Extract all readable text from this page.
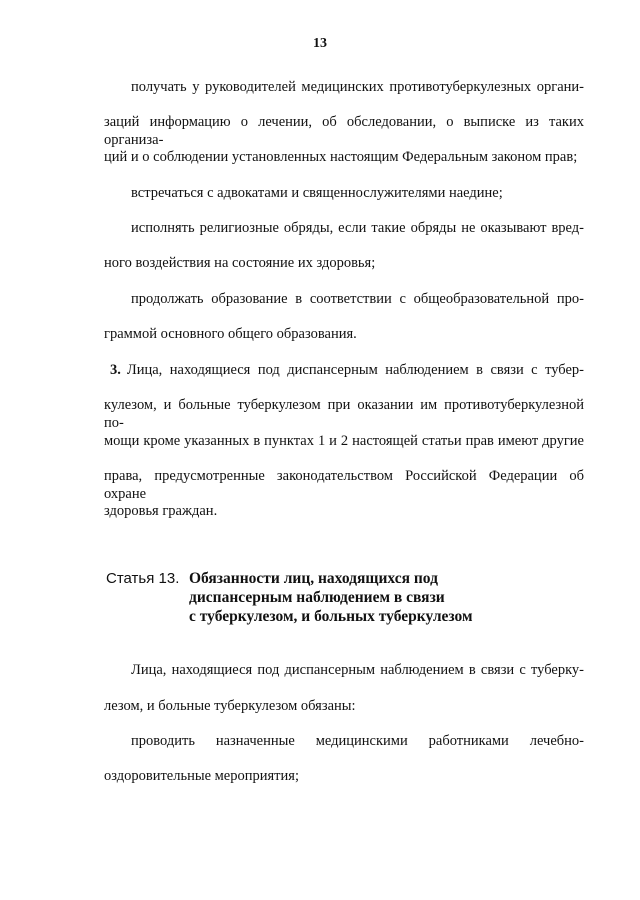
13
получать у руководителей медицинских противотуберкулезных органи-
заций информацию о лечении, об обследовании, о выписке из таких организа-
ций и о соблюдении установленных настоящим Федеральным законом прав;
встречаться с адвокатами и священнослужителями наедине;
исполнять религиозные обряды, если такие обряды не оказывают вред-
ного воздействия на состояние их здоровья;
продолжать образование в соответствии с общеобразовательной про-
граммой основного общего образования.
3. Лица, находящиеся под диспансерным наблюдением в связи с тубер-
кулезом, и больные туберкулезом при оказании им противотуберкулезной по-
мощи кроме указанных в пунктах 1 и 2 настоящей статьи прав имеют другие
права, предусмотренные законодательством Российской Федерации об охране
здоровья граждан.
Статья 13. Обязанности лиц, находящихся под
диспансерным наблюдением в связи
с туберкулезом, и больных туберкулезом
Лица, находящиеся под диспансерным наблюдением в связи с туберку-
лезом, и больные туберкулезом обязаны:
проводить назначенные медицинскими работниками лечебно-
оздоровительные мероприятия;
